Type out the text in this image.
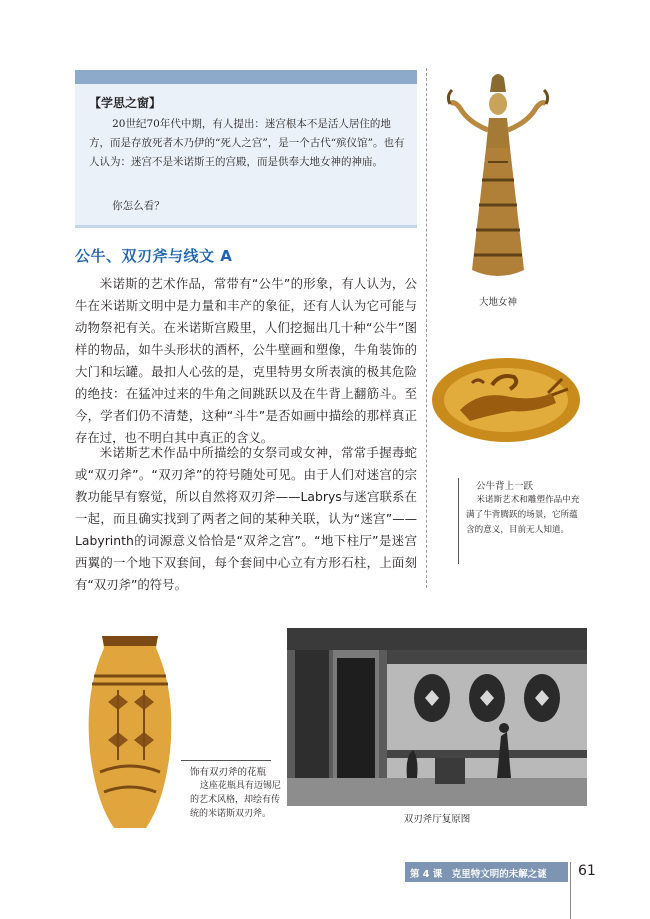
【学思之窗】

20世纪70年代中期，有人提出：迷宫根本不是活人居住的地方，而是存放死者木乃伊的“死人之宫”，是一个古代“殡仪馆”。也有人认为：迷宫不是米诺斯王的宫殿，而是供奉大地女神的神庙。

你怎么看？

公牛、双刃斧与线文 A

米诺斯的艺术作品，常带有“公牛”的形象，有人认为，公牛在米诺斯文明中是力量和丰产的象征，还有人认为它可能与动物祭祀有关。在米诺斯宫殿里，人们挖掘出几十种“公牛”图样的物品，如牛头形状的酒杯，公牛壁画和塑像，牛角装饰的大门和坛罐。最扣人心弦的是，克里特男女所表演的极其危险的绝技：在猛冲过来的牛角之间跳跃以及在牛背上翻筋斗。至今，学者们仍不清楚，这种“斗牛”是否如画中描绘的那样真正存在过，也不明白其中真正的含义。

米诺斯艺术作品中所描绘的女祭司或女神，常常手握毒蛇或“双刃斧”。“双刃斧”的符号随处可见。由于人们对迷宫的宗教功能早有察觉，所以自然将双刃斧——Labrys与迷宫联系在一起，而且确实找到了两者之间的某种关联，认为“迷宫”——Labyrinth的词源意义恰恰是“双斧之宫”。“地下柱厅”是迷宫西翼的一个地下双套间，每个套间中心立有方形石柱，上面刻有“双刃斧”的符号。

大地女神
公牛背上一跃

米诺斯艺术和雕塑作品中充满了牛背腾跃的场景，它所蕴含的意义，目前无人知道。

饰有双刃斧的花瓶

这座花瓶具有迈锡尼的艺术风格，却绘有传统的米诺斯双刃斧。	双刃斧厅复原图
第 4 课　克里特文明的未解之谜 61
